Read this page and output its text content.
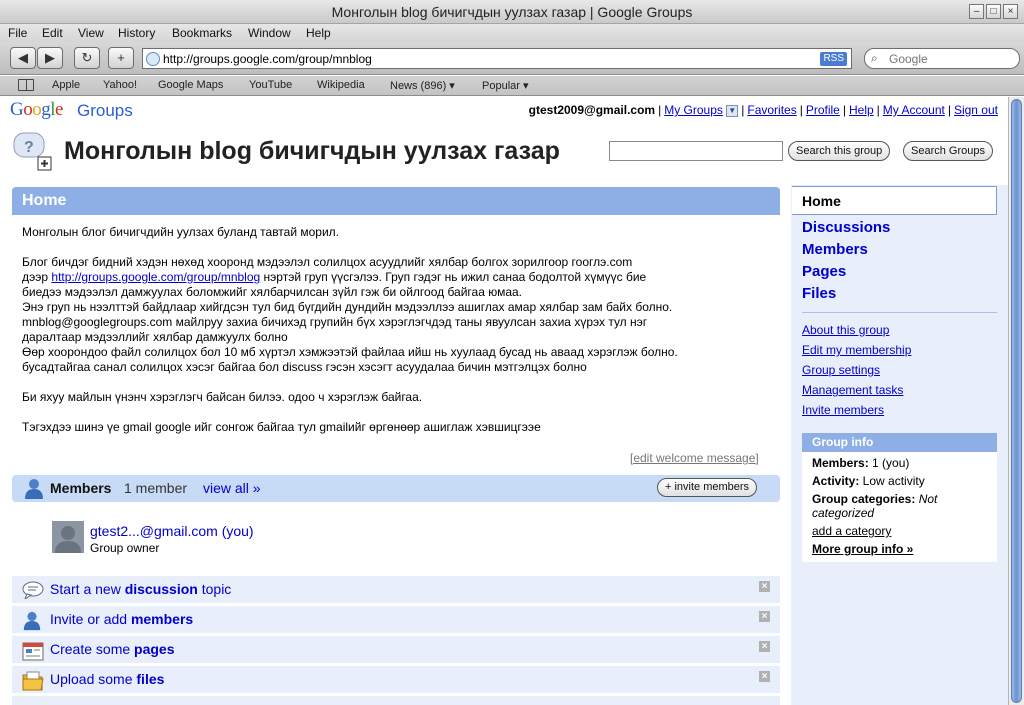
Монголын blog бичигчдын уулзах газар | Google Groups	–	□	×
File Edit View History Bookmarks Window Help
◀	▶	↻	+	http://groups.google.com/group/mnblog	RSS ⌕
Google
Apple Yahoo! Google Maps YouTube Wikipedia News (896) ▾ Popular ▾
Google Groups	gtest2009@gmail.com | My Groups ▼ | Favorites | Profile | Help | My Account | Sign out
? Монголын blog бичигчдын уулзах газар	Search this group	Search Groups
Home

Монголын блог бичигчдийн уулзах буланд тавтай морил.

Блог бичдэг бидний хэдэн нөхөд хооронд мэдээлэл солилцох асуудлийг хялбар болгох зорилгоор гоoглэ.com

дээр http://groups.google.com/group/mnblog нэртэй груп үүсгэлээ. Груп гэдэг нь ижил санаа бодолтой хүмүүс бие

биедээ мэдээлэл дамжуулах боломжийг хялбарчилсан зүйл гэж би ойлгоод байгаа юмаа.

Энэ груп нь нээлттэй байдлаар хийгдсэн тул бид бүгдийн дундийн мэдээллээ ашиглах амар хялбар зам байх болно.

mnblog@googlegroups.com майлруу захиа бичихэд групийн бүх хэрэглэгчдэд таны явуулсан захиа хүрэх тул нэг

даралтаар мэдээллийг хялбар дамжуулх болно

Өөр хоорондоо файл солилцох бол 10 мб хүртэл хэмжээтэй файлаа ийш нь хуулаад бусад нь аваад хэрэглэж болно.

бусадтайгаа санал солилцох хэсэг байгаа бол discuss гэсэн хэсэгт асуудалаа бичин мэтгэлцэх болно

Би яхуу майлын үнэнч хэрэглэгч байсан билээ. одоо ч хэрэглэж байгаа.

Тэгэхдээ шинэ үе gmail google ийг сонгож байгаа тул gmailийг өргөнөөр ашиглаж хэвшицгээе

[edit welcome message]
Members 1 member view all »	+ invite members
gtest2...@gmail.com (you)
Group owner
Start a new discussion topic	×
Invite or add members	×
Create some pages	×
Upload some files	×
Home
Discussions
Members
Pages
Files
About this group
Edit my membership
Group settings
Management tasks
Invite members
Group info
Members: 1 (you)
Activity: Low activity
Group categories: Not
categorized
add a category
More group info »
